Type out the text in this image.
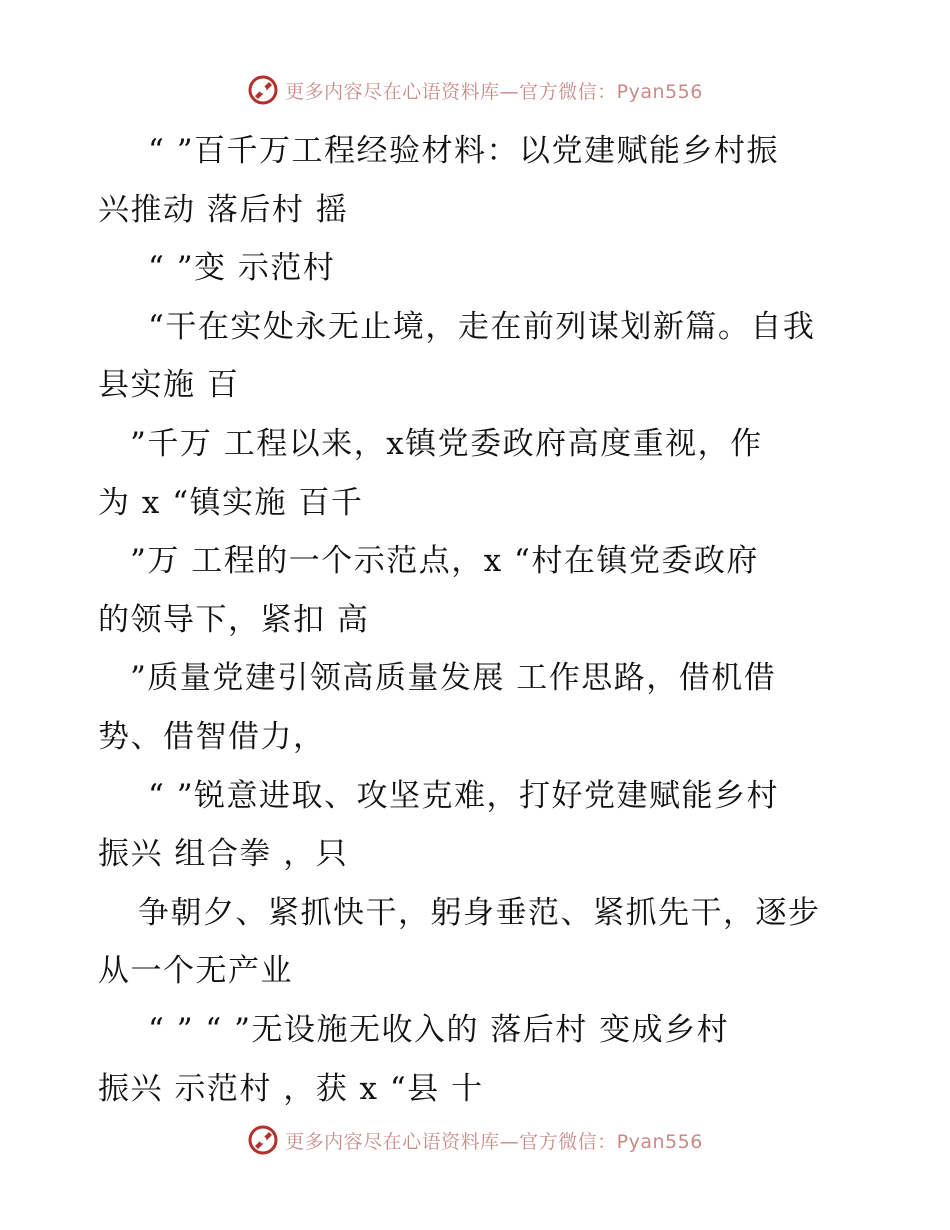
更多内容尽在心语资料库—官方微信：Pyan556
“ ”百千万工程经验材料：以党建赋能乡村振
兴推动 落后村 摇
“ ”变 示范村
“干在实处永无止境，走在前列谋划新篇。自我
县实施 百
”千万 工程以来，x镇党委政府高度重视，作
为 x “镇实施 百千
”万 工程的一个示范点，x “村在镇党委政府
的领导下，紧扣 高
”质量党建引领高质量发展 工作思路，借机借
势、借智借力，
“ ”锐意进取、攻坚克难，打好党建赋能乡村
振兴 组合拳 ，只
争朝夕、紧抓快干，躬身垂范、紧抓先干，逐步
从一个无产业
“ ” “ ”无设施无收入的 落后村 变成乡村
振兴 示范村 ，获 x “县 十
更多内容尽在心语资料库—官方微信：Pyan556
